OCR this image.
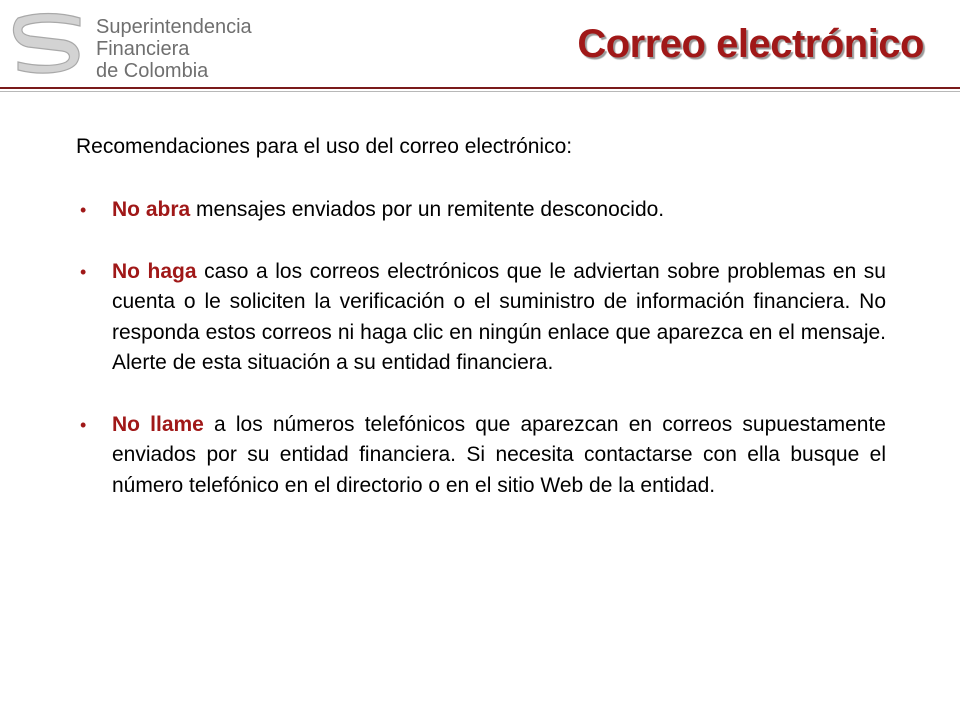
Superintendencia
Financiera
de Colombia
Correo electrónico

Recomendaciones para el uso del correo electrónico:

• No abra mensajes enviados por un remitente desconocido.
• No haga caso a los correos electrónicos que le adviertan sobre problemas en su cuenta o le soliciten la verificación o el suministro de información financiera. No responda estos correos ni haga clic en ningún enlace que aparezca en el mensaje. Alerte de esta situación a su entidad financiera.
• No llame a los números telefónicos que aparezcan en correos supuestamente enviados por su entidad financiera. Si necesita contactarse con ella busque el número telefónico en el directorio o en el sitio Web de la entidad.
